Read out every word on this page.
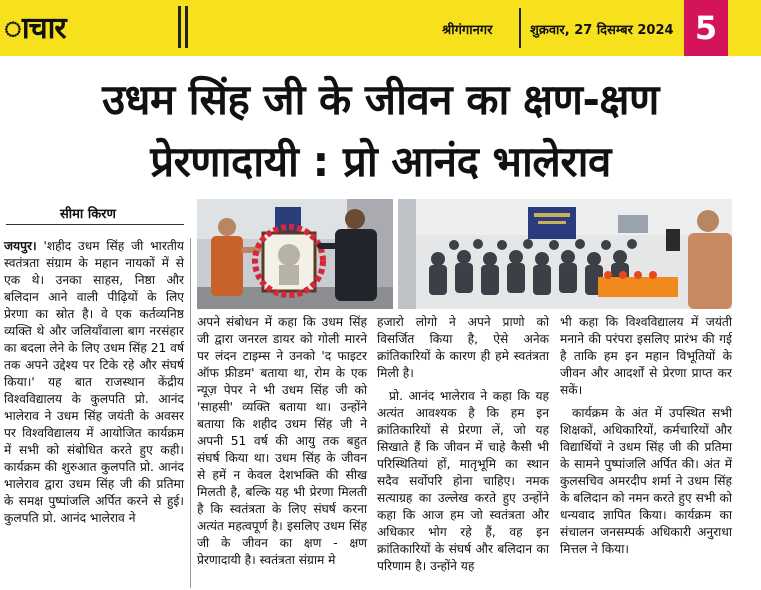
ाचार	श्रीगंगानगर	शुक्रवार, 27 दिसम्बर 2024 5
उधम सिंह जी के जीवन का क्षण-क्षण
प्रेरणादायी : प्रो आनंद भालेराव
सीमा किरण

जयपुर। 'शहीद उधम सिंह जी भारतीय स्वतंत्रता संग्राम के महान नायकों में से एक थे। उनका साहस, निष्ठा और बलिदान आने वाली पीढ़ियों के लिए प्रेरणा का स्रोत है। वे एक कर्तव्यनिष्ठ व्यक्ति थे और जलियाँवाला बाग नरसंहार का बदला लेने के लिए उधम सिंह 21 वर्ष तक अपने उद्देश्य पर टिके रहे और संघर्ष किया।' यह बात राजस्थान केंद्रीय विश्वविद्यालय के कुलपति प्रो. आनंद भालेराव ने उधम सिंह जयंती के अवसर पर विश्वविद्यालय में आयोजित कार्यक्रम में सभी को संबोधित करते हुए कही। कार्यक्रम की शुरुआत कुलपति प्रो. आनंद भालेराव द्वारा उधम सिंह जी की प्रतिमा के समक्ष पुष्पांजलि अर्पित करने से हुई। कुलपति प्रो. आनंद भालेराव ने

अपने संबोधन में कहा कि उधम सिंह जी द्वारा जनरल डायर को गोली मारने पर लंदन टाइम्स ने उनको 'द फाइटर ऑफ फ्रीडम' बताया था, रोम के एक न्यूज़ पेपर ने भी उधम सिंह जी को 'साहसी' व्यक्ति बताया था। उन्होंने बताया कि शहीद उधम सिंह जी ने अपनी 51 वर्ष की आयु तक बहुत संघर्ष किया था। उधम सिंह के जीवन से हमें न केवल देशभक्ति की सीख मिलती है, बल्कि यह भी प्रेरणा मिलती है कि स्वतंत्रता के लिए संघर्ष करना अत्यंत महत्वपूर्ण है। इसलिए उधम सिंह जी के जीवन का क्षण - क्षण प्रेरणादायी है। स्वतंत्रता संग्राम मे

हजारो लोगो ने अपने प्राणो को विसर्जित किया है, ऐसे अनेक क्रांतिकारियों के कारण ही हमे स्वतंत्रता मिली है।

प्रो. आनंद भालेराव ने कहा कि यह अत्यंत आवश्यक है कि हम इन क्रांतिकारियों से प्रेरणा लें, जो यह सिखाते हैं कि जीवन में चाहे कैसी भी परिस्थितियां हों, मातृभूमि का स्थान सदैव सर्वोपरि होना चाहिए। नमक सत्याग्रह का उल्लेख करते हुए उन्होंने कहा कि आज हम जो स्वतंत्रता और अधिकार भोग रहे हैं, वह इन क्रांतिकारियों के संघर्ष और बलिदान का परिणाम है। उन्होंने यह

भी कहा कि विश्वविद्यालय में जयंती मनाने की परंपरा इसलिए प्रारंभ की गई है ताकि हम इन महान विभूतियों के जीवन और आदर्शों से प्रेरणा प्राप्त कर सकें।

कार्यक्रम के अंत में उपस्थित सभी शिक्षकों, अधिकारियों, कर्मचारियों और विद्यार्थियों ने उधम सिंह जी की प्रतिमा के सामने पुष्पांजलि अर्पित की। अंत में कुलसचिव अमरदीप शर्मा ने उधम सिंह के बलिदान को नमन करते हुए सभी को धन्यवाद ज्ञापित किया। कार्यक्रम का संचालन जनसम्पर्क अधिकारी अनुराधा मित्तल ने किया।
